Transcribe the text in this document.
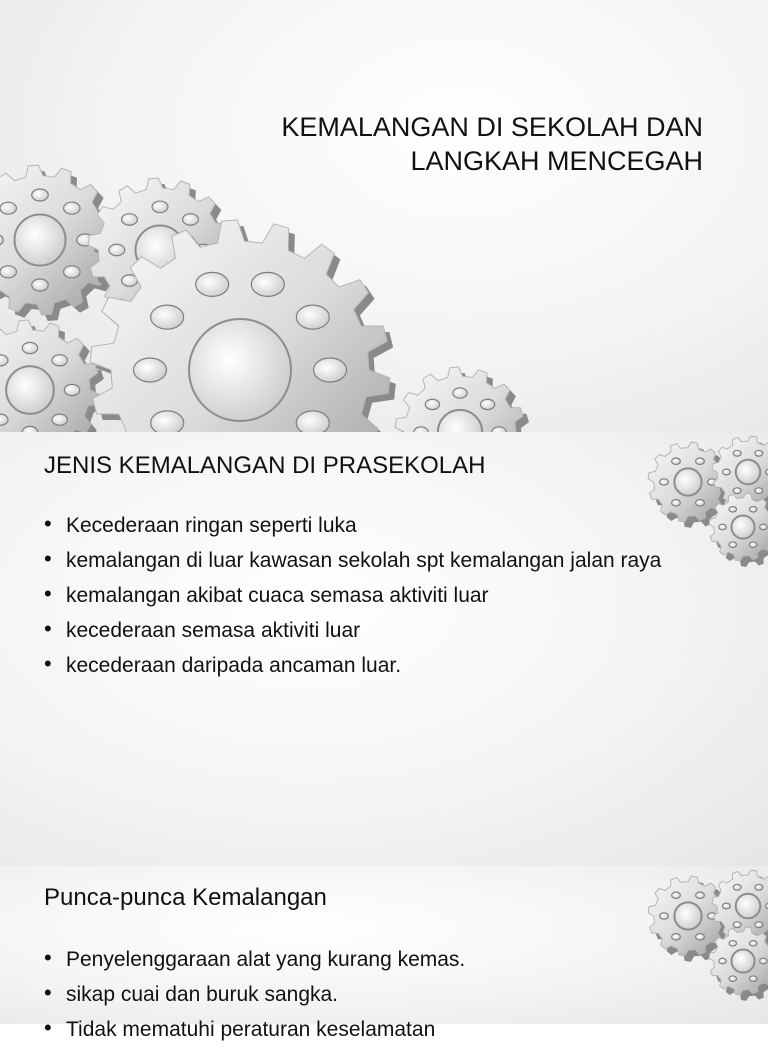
KEMALANGAN DI SEKOLAH DAN
LANGKAH MENCEGAH
JENIS KEMALANGAN DI PRASEKOLAH
• Kecederaan ringan seperti luka
• kemalangan di luar kawasan sekolah spt kemalangan jalan raya
• kemalangan akibat cuaca semasa aktiviti luar
• kecederaan semasa aktiviti luar
• kecederaan daripada ancaman luar.
Punca-punca Kemalangan
• Penyelenggaraan alat yang kurang kemas.
• sikap cuai dan buruk sangka.
• Tidak mematuhi peraturan keselamatan
